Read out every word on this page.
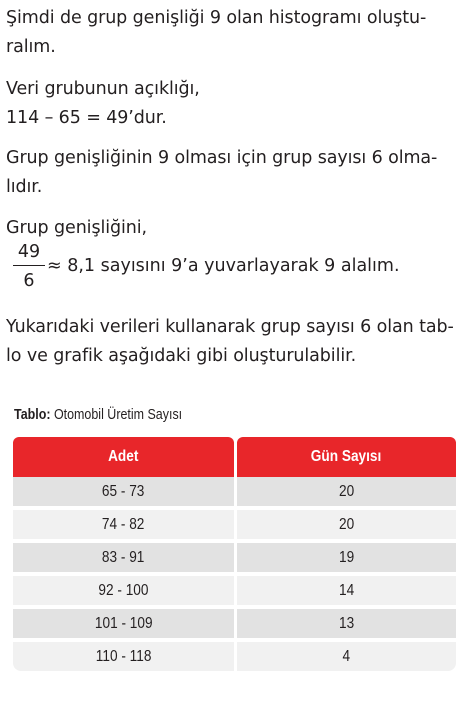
Şimdi de grup genişliği 9 olan histogramı oluştu-
ralım.
Veri grubunun açıklığı,
114 – 65 = 49’dur.
Grup genişliğinin 9 olması için grup sayısı 6 olma-
lıdır.
Grup genişliğini,
49
6
≈ 8,1 sayısını 9’a yuvarlayarak 9 alalım.
Yukarıdaki verileri kullanarak grup sayısı 6 olan tab-
lo ve grafik aşağıdaki gibi oluşturulabilir.
Tablo: Otomobil Üretim Sayısı
Adet	Gün Sayısı
65 - 73
74 - 82
83 - 91
92 - 100
101 - 109
110 - 118
20
20
19
14
13
4
